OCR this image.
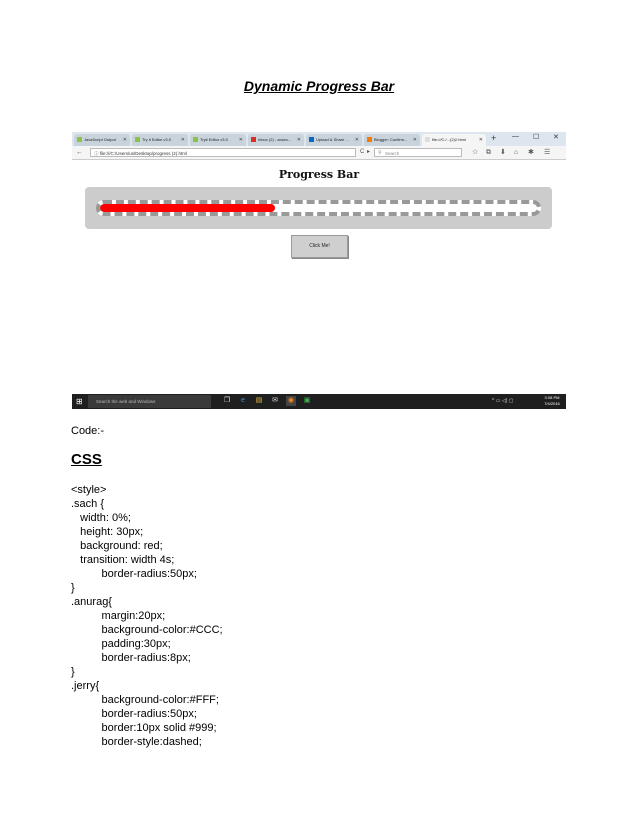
Dynamic Progress Bar
JavaScript Output ✕	Try it Editor v3.0 ✕	Tryit Editor v3.0 ✕	Inbox (2) - anura... ✕	Upload & Share ... ✕	Blogger: Confirm... ✕	file:///C:/...(2)2.html	✕ + — ☐ ✕
←	ⓘ file:///C:/Users/us/Desktop/progress (2).html	C ▸ ⚲ Search	☆ ⧉ ⬇ ⌂ ✱ ☰
Progress Bar
Click Me!
⊞	Search the web and Windows	❐	e	▤ ✉ ◉ ▣	^ ▭ ◁) ▢
3:08 PM
7/4/2016
Code:-
CSS
<style>
.sach {
width: 0%;
height: 30px;
background: red;
transition: width 4s;
border-radius:50px;
}
.anurag{
margin:20px;
background-color:#CCC;
padding:30px;
border-radius:8px;
}
.jerry{
background-color:#FFF;
border-radius:50px;
border:10px solid #999;
border-style:dashed;
